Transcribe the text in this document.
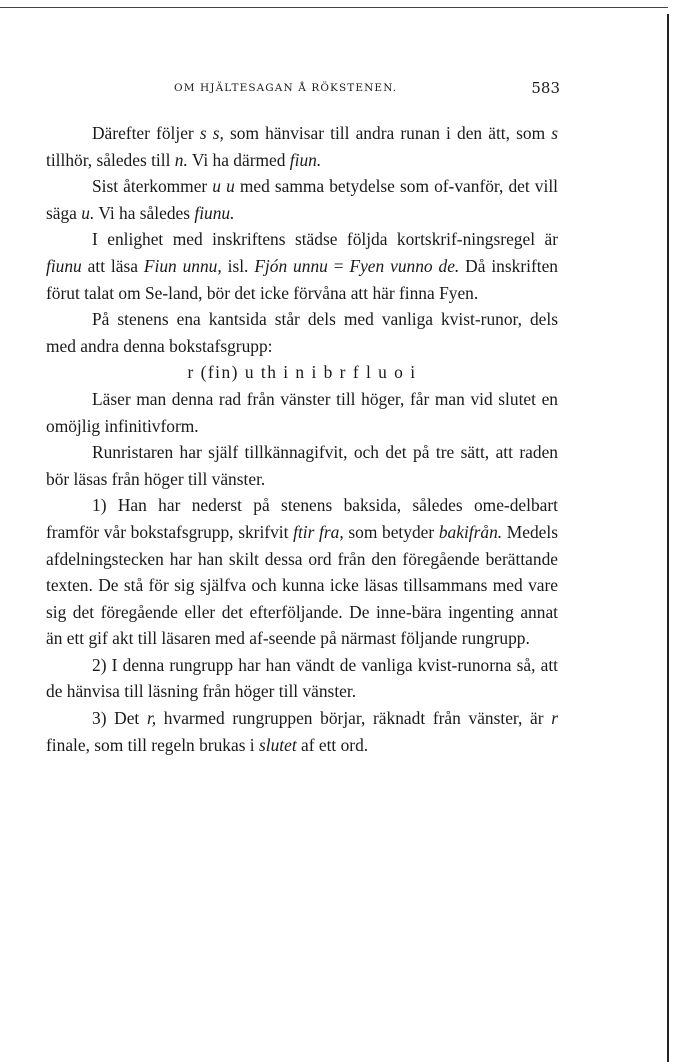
OM HJÄLTESAGAN Å RÖKSTENEN.	583

Därefter följer s s, som hänvisar till andra runan i den ätt, som s tillhör, således till n. Vi ha därmed fiun.

Sist återkommer u u med samma betydelse som of-vanför, det vill säga u. Vi ha således fiunu.

I enlighet med inskriftens städse följda kortskrif-ningsregel är fiunu att läsa Fiun unnu, isl. Fjón unnu = Fyen vunno de. Då inskriften förut talat om Se-land, bör det icke förvåna att här finna Fyen.

På stenens ena kantsida står dels med vanliga kvist-runor, dels med andra denna bokstafsgrupp:

r (fin) u th i n i b r f l u o i

Läser man denna rad från vänster till höger, får man vid slutet en omöjlig infinitivform.

Runristaren har själf tillkännagifvit, och det på tre sätt, att raden bör läsas från höger till vänster.

1) Han har nederst på stenens baksida, således ome-delbart framför vår bokstafsgrupp, skrifvit ftir fra, som betyder bakifrån. Medels afdelningstecken har han skilt dessa ord från den föregående berättande texten. De stå för sig själfva och kunna icke läsas tillsammans med vare sig det föregående eller det efterföljande. De inne-bära ingenting annat än ett gif akt till läsaren med af-seende på närmast följande rungrupp.

2) I denna rungrupp har han vändt de vanliga kvist-runorna så, att de hänvisa till läsning från höger till vänster.

3) Det r, hvarmed rungruppen börjar, räknadt från vänster, är r finale, som till regeln brukas i slutet af ett ord.
